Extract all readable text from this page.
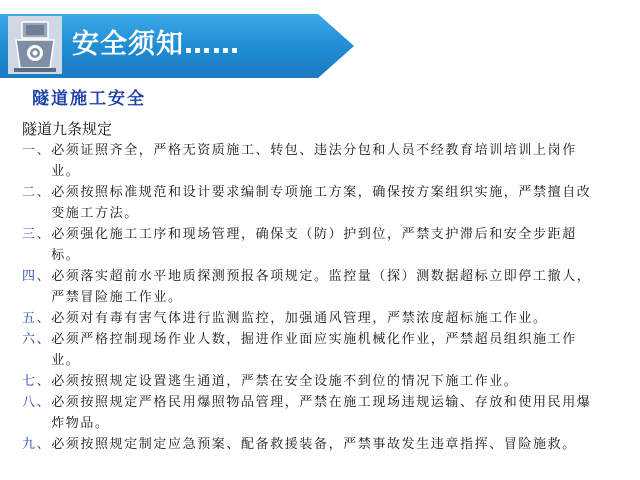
安全须知……
隧道施工安全
隧道九条规定
一、 必须证照齐全，严格无资质施工、转包、违法分包和人员不经教育培训培训上岗作业。
二、 必须按照标准规范和设计要求编制专项施工方案，确保按方案组织实施，严禁擅自改变施工方法。
三、 必须强化施工工序和现场管理，确保支（防）护到位，严禁支护滞后和安全步距超标。
四、 必须落实超前水平地质探测预报各项规定。监控量（探）测数据超标立即停工撤人，严禁冒险施工作业。
五、 必须对有毒有害气体进行监测监控，加强通风管理，严禁浓度超标施工作业。
六、 必须严格控制现场作业人数，掘进作业面应实施机械化作业，严禁超员组织施工作业。
七、 必须按照规定设置逃生通道，严禁在安全设施不到位的情况下施工作业。
八、 必须按照规定严格民用爆照物品管理，严禁在施工现场违规运输、存放和使用民用爆炸物品。
九、 必须按照规定制定应急预案、配备救援装备，严禁事故发生违章指挥、冒险施救。
